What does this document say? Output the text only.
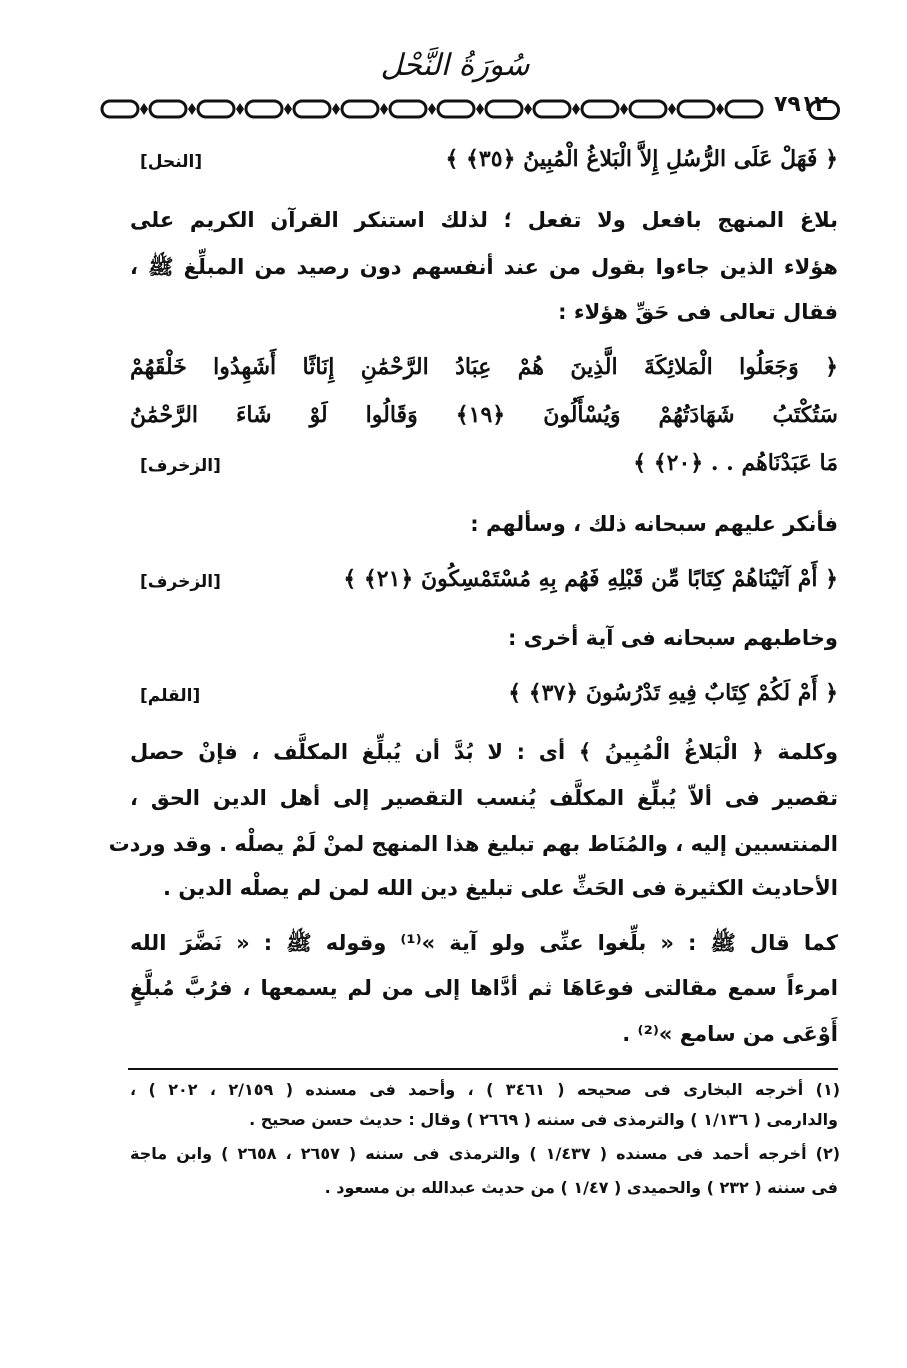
سُورَةُ النَّحْل
٧٩١٢
﴿ فَهَلْ عَلَى الرُّسُلِ إِلاَّ الْبَلاغُ الْمُبِينُ ﴿٣٥﴾ ﴾
[النحل]
بلاغ المنهج بافعل ولا تفعل ؛ لذلك استنكر القرآن الكريم على
هؤلاء الذين جاءوا بقول من عند أنفسهم دون رصيد من المبلِّغ ﷺ ،
فقال تعالى فى حَقِّ هؤلاء :
﴿ وَجَعَلُوا الْمَلائِكَةَ الَّذِينَ هُمْ عِبَادُ الرَّحْمَٰنِ إِنَاثًا أَشَهِدُوا خَلْقَهُمْ
سَتُكْتَبُ شَهَادَتُهُمْ وَيُسْأَلُونَ ﴿١٩﴾ وَقَالُوا لَوْ شَاءَ الرَّحْمَٰنُ
مَا عَبَدْنَاهُم . . ﴿٢٠﴾ ﴾
[الزخرف]
فأنكر عليهم سبحانه ذلك ، وسألهم :
﴿ أَمْ آتَيْنَاهُمْ كِتَابًا مِّن قَبْلِهِ فَهُم بِهِ مُسْتَمْسِكُونَ ﴿٢١﴾ ﴾
[الزخرف]
وخاطبهم سبحانه فى آية أخرى :
﴿ أَمْ لَكُمْ كِتَابٌ فِيهِ تَدْرُسُونَ ﴿٣٧﴾ ﴾
[القلم]
وكلمة ﴿ الْبَلاغُ الْمُبِينُ ﴾ أى : لا بُدَّ أن يُبلِّغ المكلَّف ، فإنْ حصل
تقصير فى ألاّ يُبلِّغ المكلَّف يُنسب التقصير إلى أهل الدين الحق ،
المنتسبين إليه ، والمُنَاط بهم تبليغ هذا المنهج لمنْ لَمْ يصلْه . وقد وردت
الأحاديث الكثيرة فى الحَثِّ على تبليغ دين الله لمن لم يصلْه الدين .
كما قال ﷺ : « بلِّغوا عنِّى ولو آية »⁽¹⁾ وقوله ﷺ : « نَضَّرَ الله
امرءاً سمع مقالتى فوعَاهَا ثم أدَّاها إلى من لم يسمعها ، فرُبَّ مُبلَّغٍ
أَوْعَى من سامع »⁽²⁾ .
(١) أخرجه البخارى فى صحيحه ( ٣٤٦١ ) ، وأحمد فى مسنده ( ٢/١٥٩ ، ٢٠٢ ) ،
والدارمى ( ١/١٣٦ ) والترمذى فى سننه ( ٢٦٦٩ ) وقال : حديث حسن صحيح .
(٢) أخرجه أحمد فى مسنده ( ١/٤٣٧ ) والترمذى فى سننه ( ٢٦٥٧ ، ٢٦٥٨ ) وابن ماجة
فى سننه ( ٢٣٢ ) والحميدى ( ١/٤٧ ) من حديث عبدالله بن مسعود .
